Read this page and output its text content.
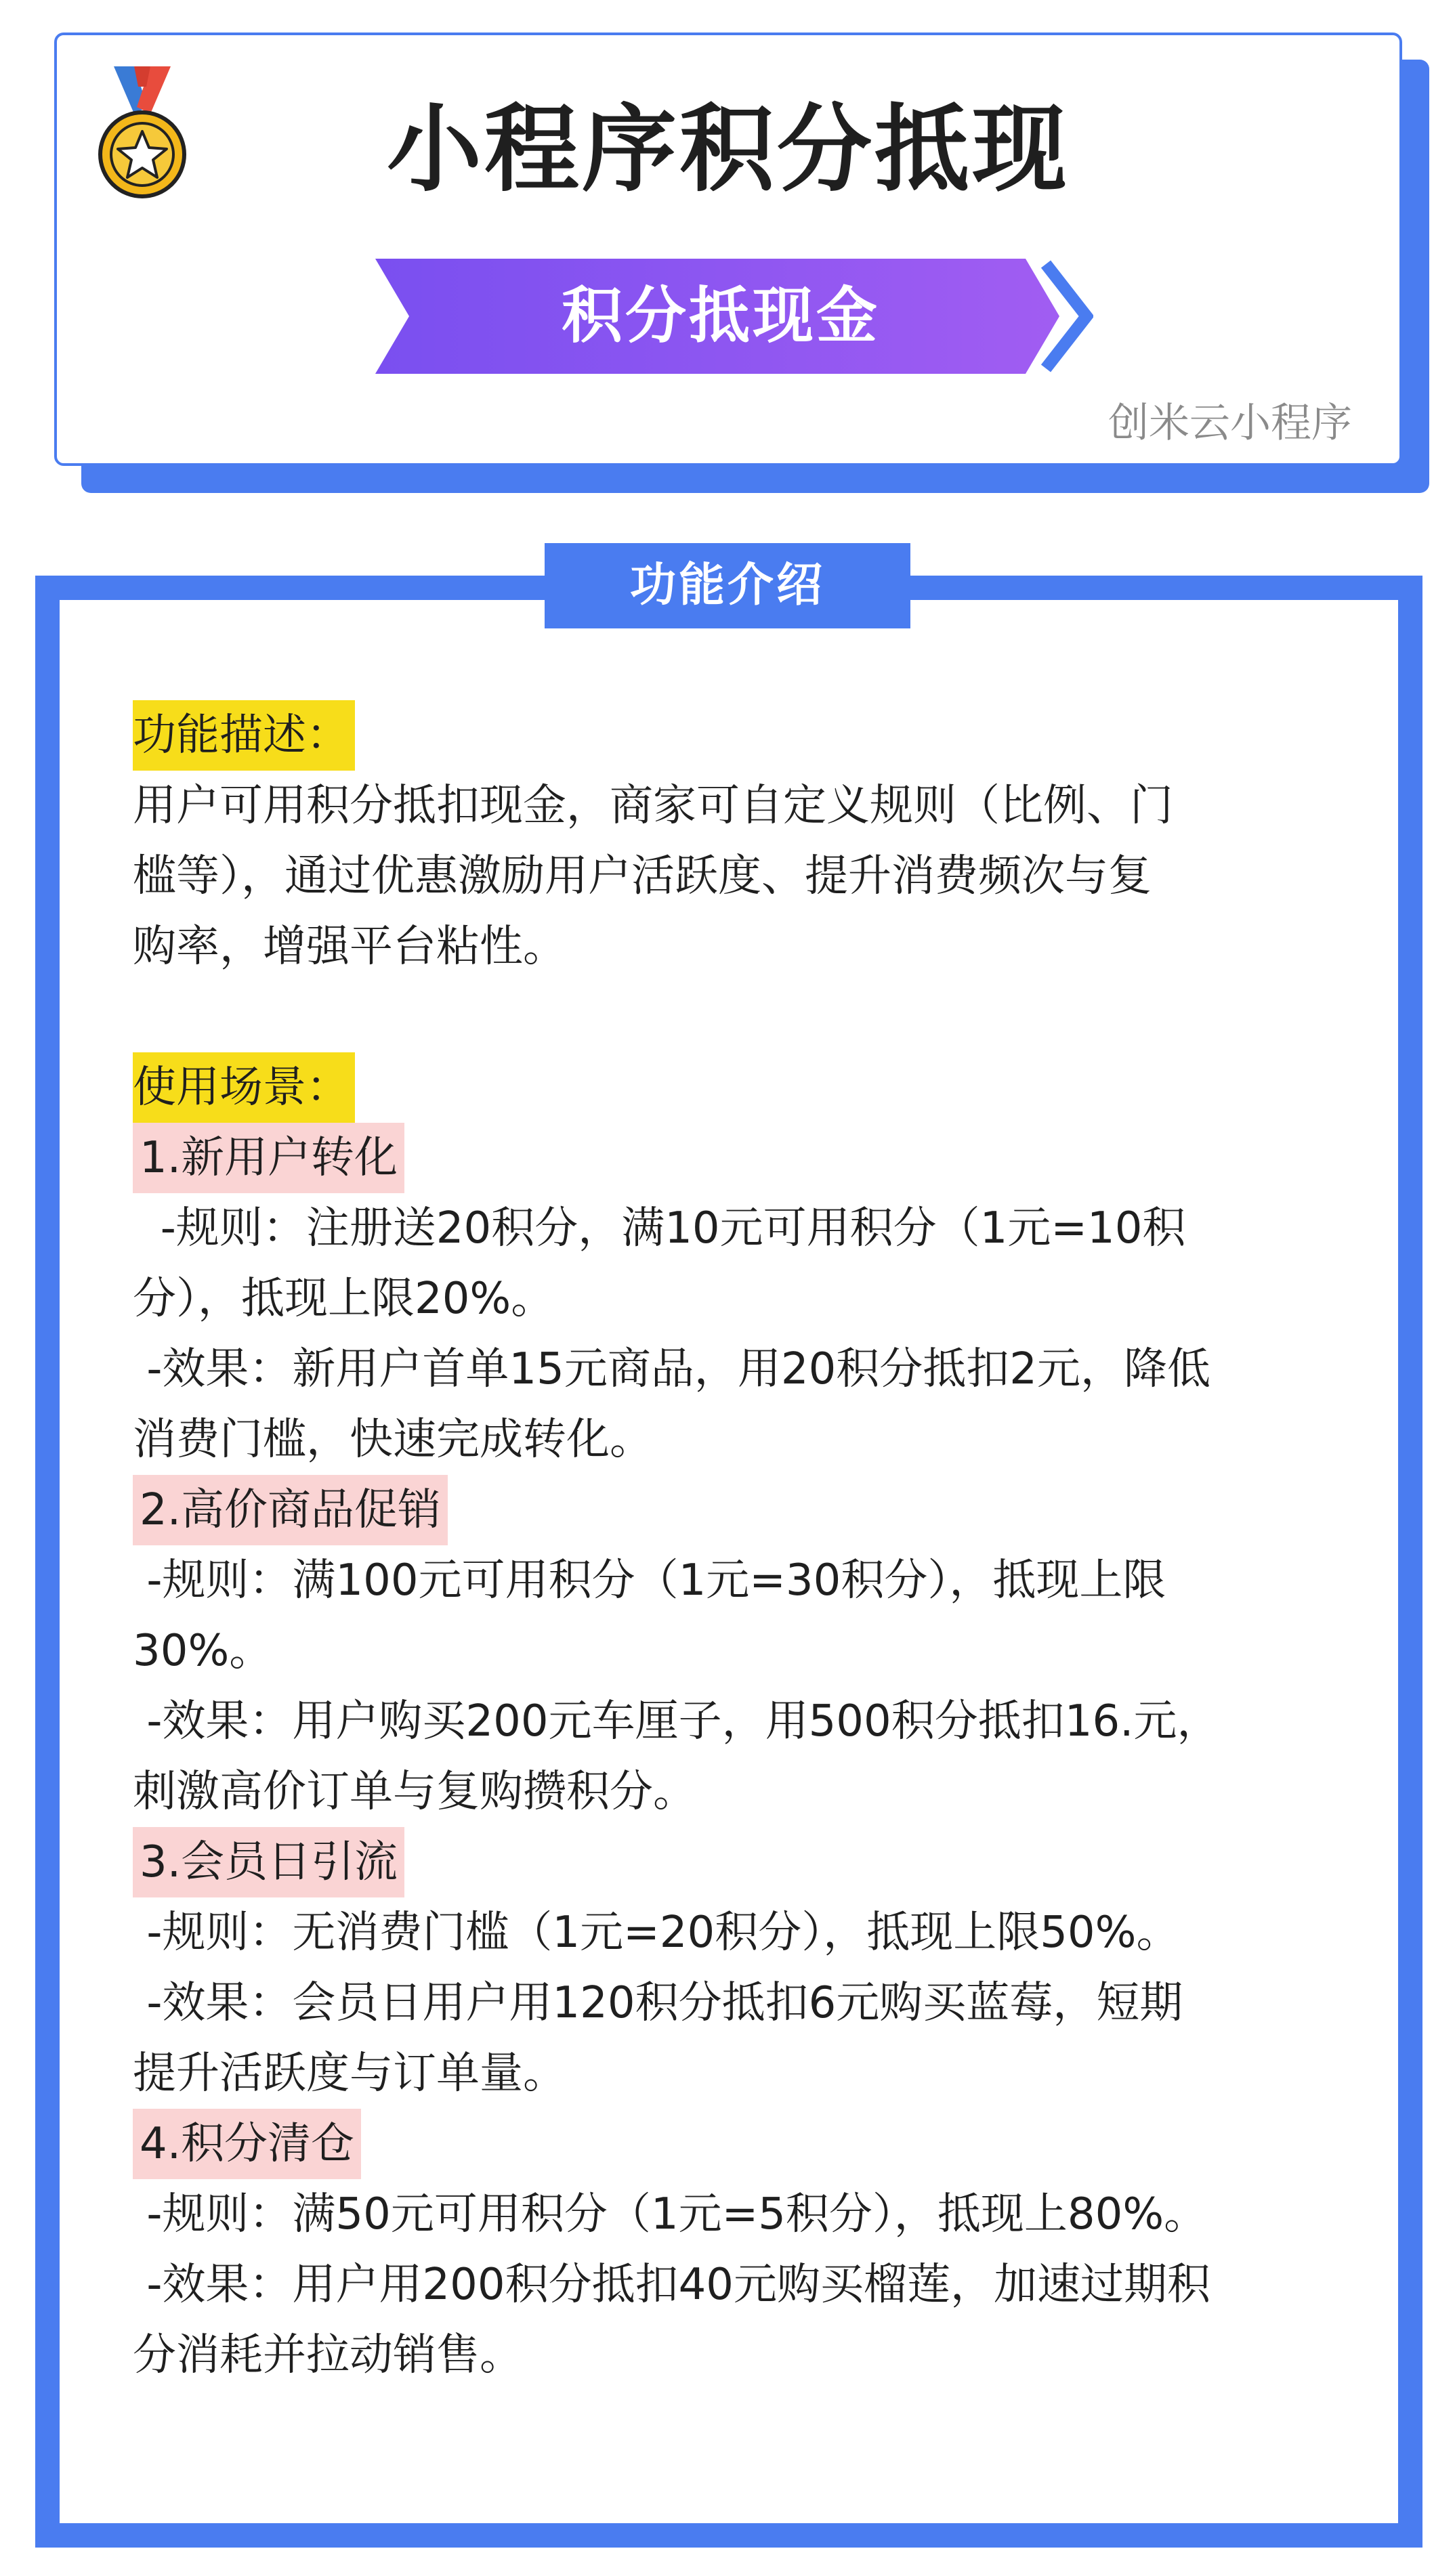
小程序积分抵现
积分抵现金
创米云小程序
功能介绍
功能描述：
用户可用积分抵扣现金，商家可自定义规则（比例、门
槛等），通过优惠激励用户活跃度、提升消费频次与复
购率，增强平台粘性。
使用场景：
1.新用户转化
-规则：注册送20积分，满10元可用积分（1元=10积
分），抵现上限20%。
-效果：新用户首单15元商品，用20积分抵扣2元，降低
消费门槛，快速完成转化。
2.高价商品促销
-规则：满100元可用积分（1元=30积分），抵现上限
30%。
-效果：用户购买200元车厘子，用500积分抵扣16.元，
刺激高价订单与复购攒积分。
3.会员日引流
-规则：无消费门槛（1元=20积分），抵现上限50%。
-效果：会员日用户用120积分抵扣6元购买蓝莓，短期
提升活跃度与订单量。
4.积分清仓
-规则：满50元可用积分（1元=5积分），抵现上80%。
-效果：用户用200积分抵扣40元购买榴莲，加速过期积
分消耗并拉动销售。
